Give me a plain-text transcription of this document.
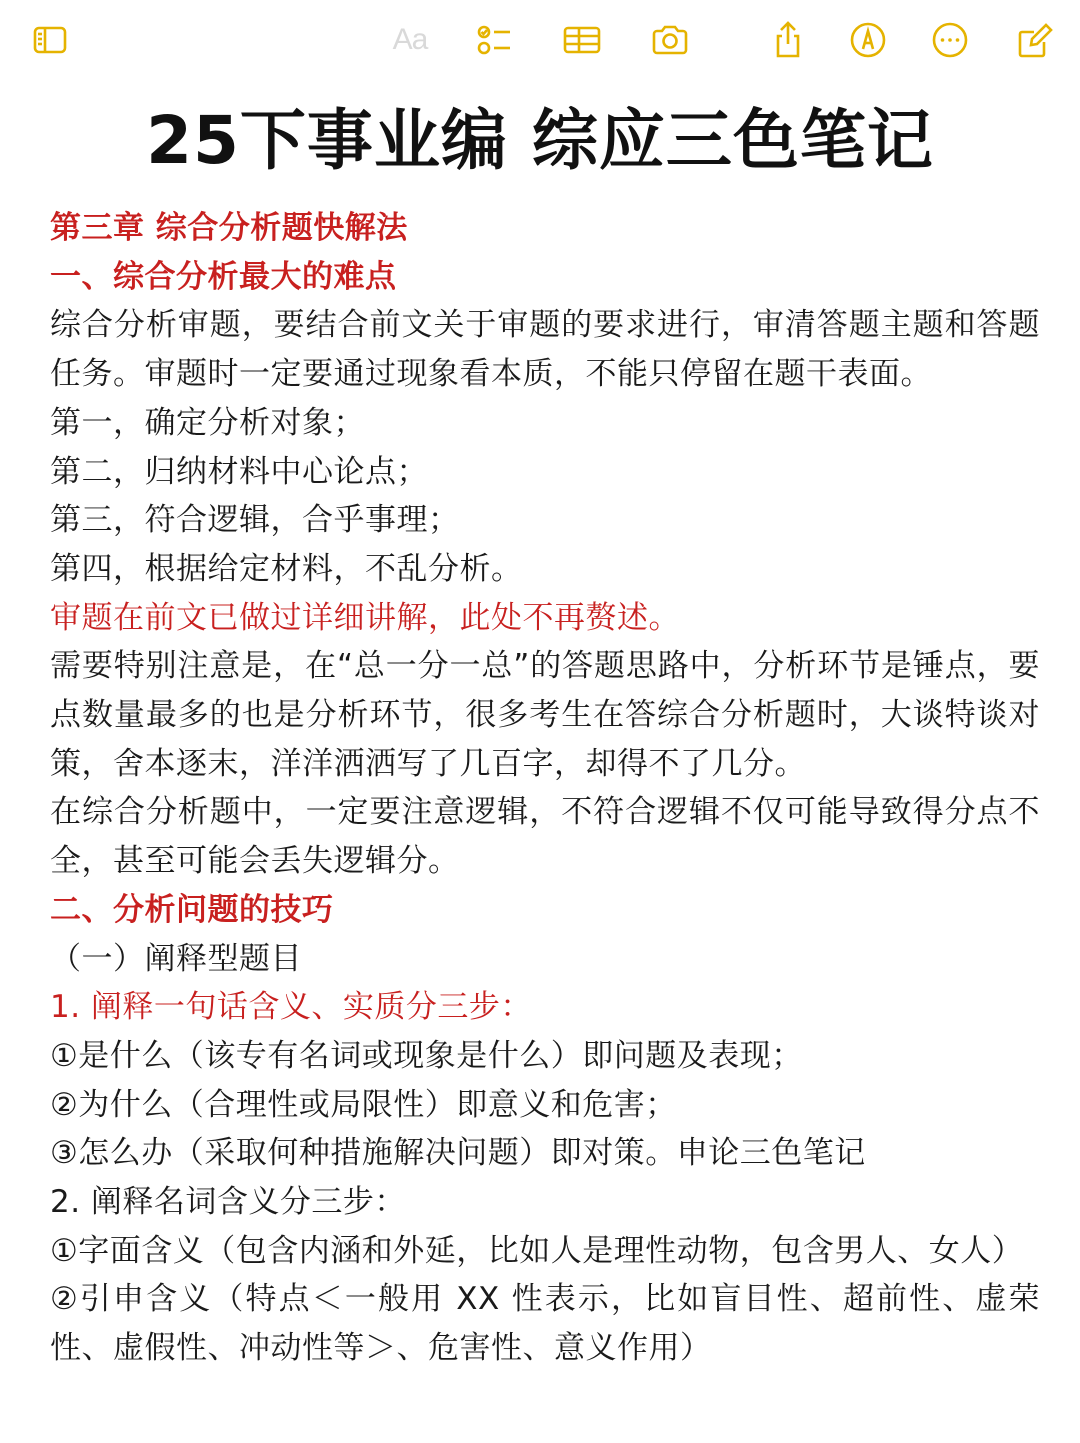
Aa
25下事业编 综应三色笔记
第三章 综合分析题快解法
一、综合分析最大的难点
综合分析审题，要结合前文关于审题的要求进行，审清答题主题和答题任务。审题时一定要通过现象看本质，不能只停留在题干表面。
第一，确定分析对象；
第二，归纳材料中心论点；
第三，符合逻辑，合乎事理；
第四，根据给定材料，不乱分析。
审题在前文已做过详细讲解，此处不再赘述。
需要特别注意是，在“总一分一总”的答题思路中，分析环节是锤点，要点数量最多的也是分析环节，很多考生在答综合分析题时，大谈特谈对策，舍本逐末，洋洋洒洒写了几百字，却得不了几分。
在综合分析题中，一定要注意逻辑，不符合逻辑不仅可能导致得分点不全，甚至可能会丢失逻辑分。
二、分析问题的技巧
（一）阐释型题目
1. 阐释一句话含义、实质分三步：
①是什么（该专有名词或现象是什么）即问题及表现；
②为什么（合理性或局限性）即意义和危害；
③怎么办（采取何种措施解决问题）即对策。申论三色笔记
2. 阐释名词含义分三步：
①字面含义（包含内涵和外延，比如人是理性动物，包含男人、女人）
②引申含义（特点＜一般用 XX 性表示，比如盲目性、超前性、虚荣性、虚假性、冲动性等＞、危害性、意义作用）
